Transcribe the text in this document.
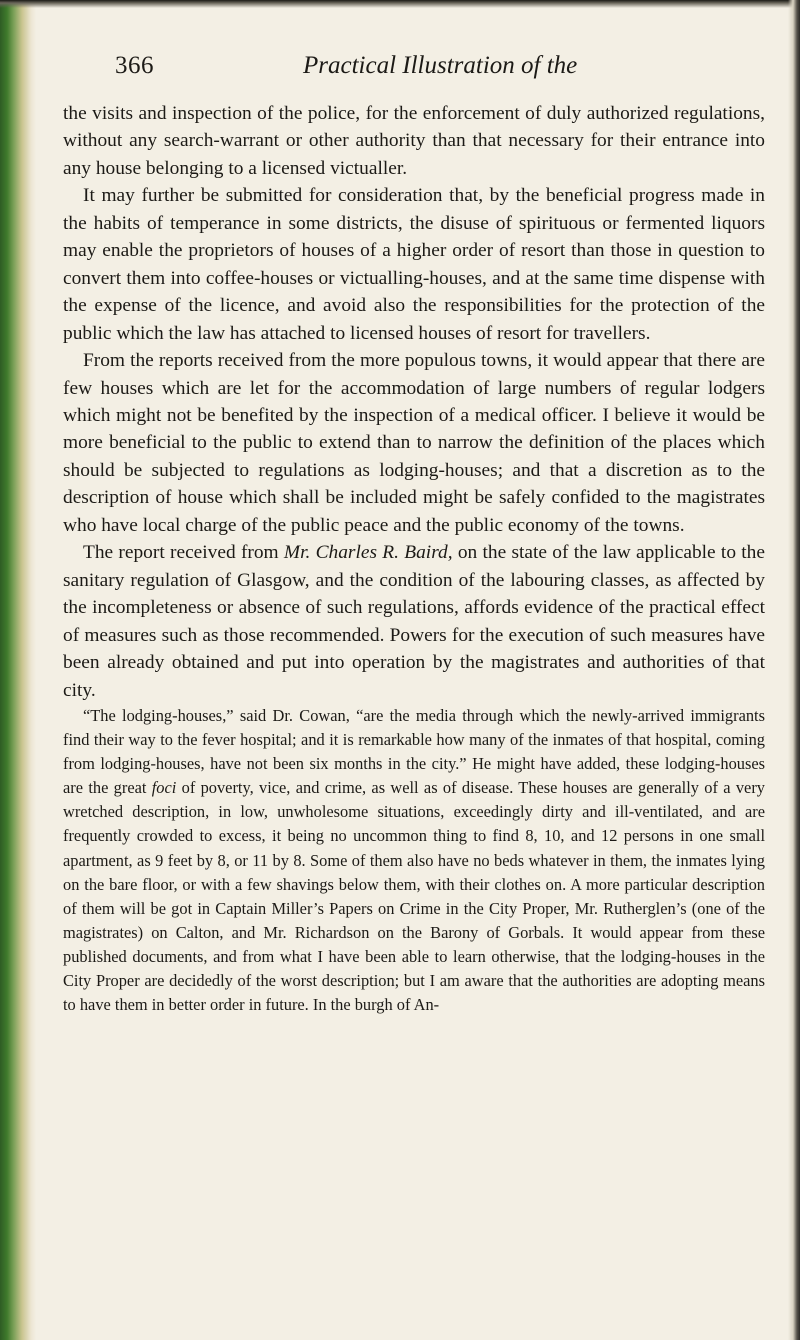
366	Practical Illustration of the

the visits and inspection of the police, for the enforcement of duly authorized regulations, without any search-warrant or other authority than that necessary for their entrance into any house belonging to a licensed victualler.

It may further be submitted for consideration that, by the beneficial progress made in the habits of temperance in some districts, the disuse of spirituous or fermented liquors may enable the proprietors of houses of a higher order of resort than those in question to convert them into coffee-houses or victualling-houses, and at the same time dispense with the expense of the licence, and avoid also the responsibilities for the protection of the public which the law has attached to licensed houses of resort for travellers.

From the reports received from the more populous towns, it would appear that there are few houses which are let for the accommodation of large numbers of regular lodgers which might not be benefited by the inspection of a medical officer. I believe it would be more beneficial to the public to extend than to narrow the definition of the places which should be subjected to regulations as lodging-houses; and that a discretion as to the description of house which shall be included might be safely confided to the magistrates who have local charge of the public peace and the public economy of the towns.

The report received from Mr. Charles R. Baird, on the state of the law applicable to the sanitary regulation of Glasgow, and the condition of the labouring classes, as affected by the incompleteness or absence of such regulations, affords evidence of the practical effect of measures such as those recommended. Powers for the execution of such measures have been already obtained and put into operation by the magistrates and authorities of that city.

“The lodging-houses,” said Dr. Cowan, “are the media through which the newly-arrived immigrants find their way to the fever hospital; and it is remarkable how many of the inmates of that hospital, coming from lodging-houses, have not been six months in the city.” He might have added, these lodging-houses are the great foci of poverty, vice, and crime, as well as of disease. These houses are generally of a very wretched description, in low, unwholesome situations, exceedingly dirty and ill-ventilated, and are frequently crowded to excess, it being no uncommon thing to find 8, 10, and 12 persons in one small apartment, as 9 feet by 8, or 11 by 8. Some of them also have no beds whatever in them, the inmates lying on the bare floor, or with a few shavings below them, with their clothes on. A more particular description of them will be got in Captain Miller’s Papers on Crime in the City Proper, Mr. Rutherglen’s (one of the magistrates) on Calton, and Mr. Richardson on the Barony of Gorbals. It would appear from these published documents, and from what I have been able to learn otherwise, that the lodging-houses in the City Proper are decidedly of the worst description; but I am aware that the authorities are adopting means to have them in better order in future. In the burgh of An-
